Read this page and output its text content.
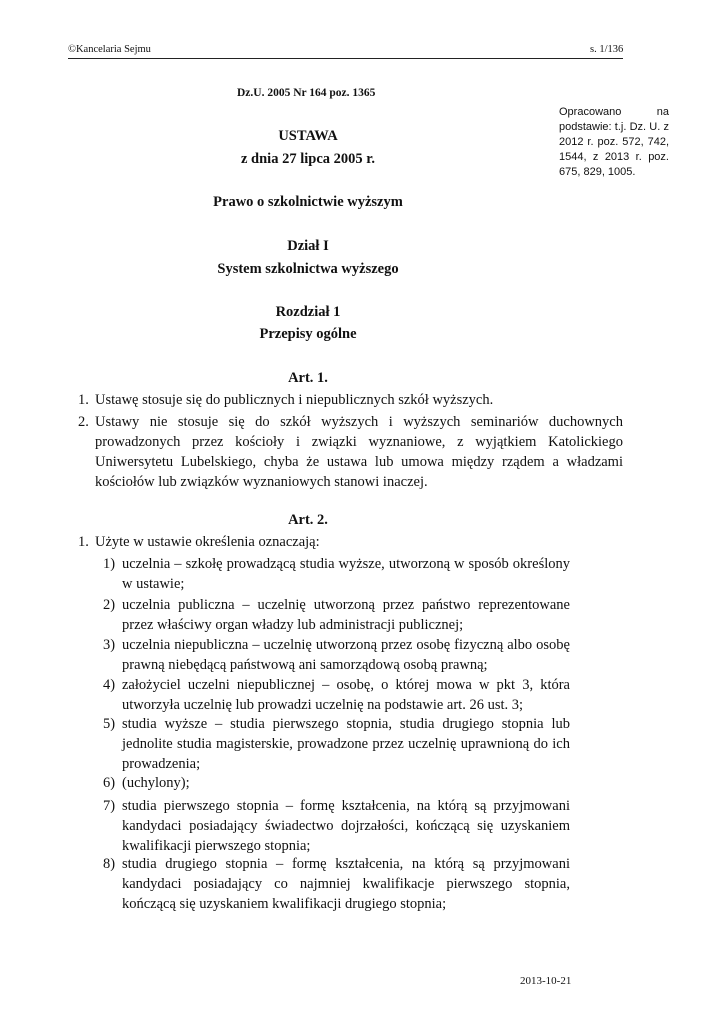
©Kancelaria Sejmu	s. 1/136
Dz.U. 2005 Nr 164 poz. 1365
Opracowano na podstawie: t.j. Dz. U. z 2012 r. poz. 572, 742, 1544, z 2013 r. poz. 675, 829, 1005.
USTAWA
z dnia 27 lipca 2005 r.
Prawo o szkolnictwie wyższym
Dział I
System szkolnictwa wyższego
Rozdział 1
Przepisy ogólne
Art. 1.
1. Ustawę stosuje się do publicznych i niepublicznych szkół wyższych.
2. Ustawy nie stosuje się do szkół wyższych i wyższych seminariów duchownych prowadzonych przez kościoły i związki wyznaniowe, z wyjątkiem Katolickiego Uniwersytetu Lubelskiego, chyba że ustawa lub umowa między rządem a władzami kościołów lub związków wyznaniowych stanowi inaczej.
Art. 2.
1. Użyte w ustawie określenia oznaczają:
1) uczelnia – szkołę prowadzącą studia wyższe, utworzoną w sposób określony w ustawie;
2) uczelnia publiczna – uczelnię utworzoną przez państwo reprezentowane przez właściwy organ władzy lub administracji publicznej;
3) uczelnia niepubliczna – uczelnię utworzoną przez osobę fizyczną albo osobę prawną niebędącą państwową ani samorządową osobą prawną;
4) założyciel uczelni niepublicznej – osobę, o której mowa w pkt 3, która utworzyła uczelnię lub prowadzi uczelnię na podstawie art. 26 ust. 3;
5) studia wyższe – studia pierwszego stopnia, studia drugiego stopnia lub jednolite studia magisterskie, prowadzone przez uczelnię uprawnioną do ich prowadzenia;
6) (uchylony);
7) studia pierwszego stopnia – formę kształcenia, na którą są przyjmowani kandydaci posiadający świadectwo dojrzałości, kończącą się uzyskaniem kwalifikacji pierwszego stopnia;
8) studia drugiego stopnia – formę kształcenia, na którą są przyjmowani kandydaci posiadający co najmniej kwalifikacje pierwszego stopnia, kończącą się uzyskaniem kwalifikacji drugiego stopnia;
2013-10-21
